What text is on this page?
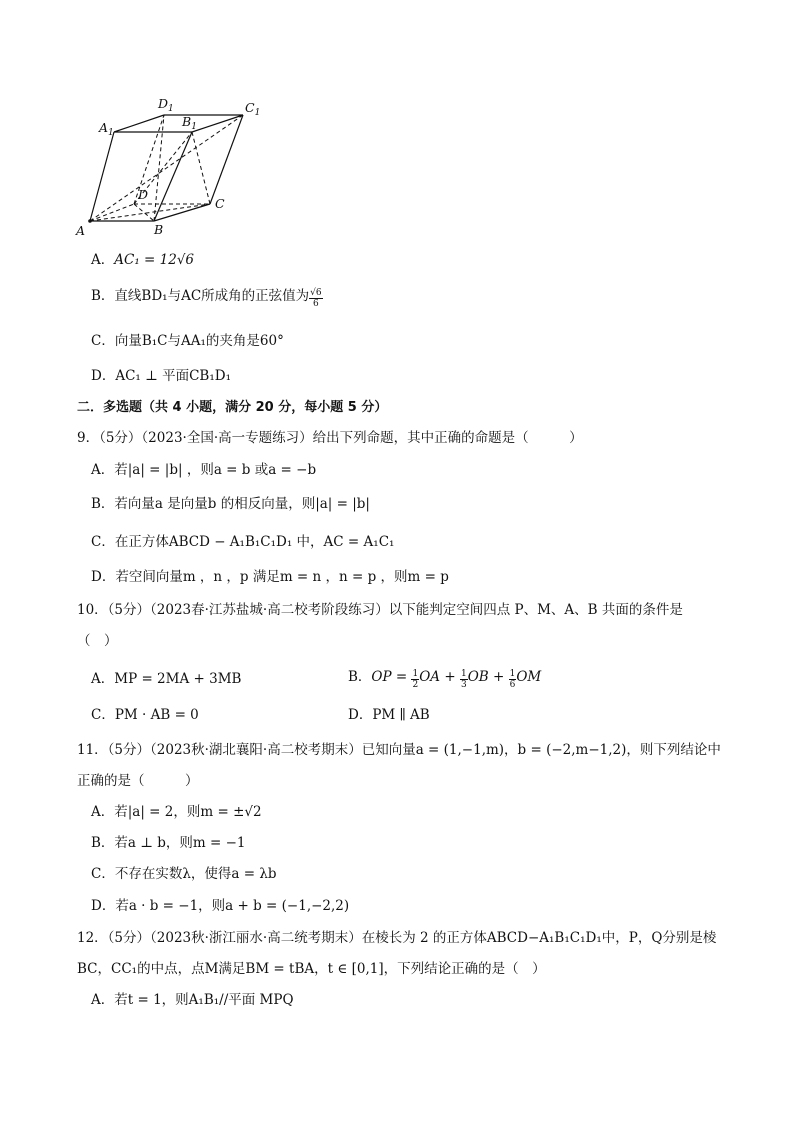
A	B
C
D
$A_1$
$B_1$
$C_1$
$D_1$
A．AC₁ = 12√6
B．直线BD₁与AC所成角的正弦值为 $\frac{√6}{6}$
C．向量B₁C与AA₁的夹角是60°
D．AC₁ ⊥ 平面CB₁D₁
二．多选题（共 4 小题，满分 20 分，每小题 5 分）
9．（5分）（2023·全国·高一专题练习）给出下列命题，其中正确的命题是（　　　）
A．若|a| = |b| ，则a = b 或a = −b
B．若向量a 是向量b 的相反向量，则|a| = |b|
C．在正方体ABCD − A₁B₁C₁D₁ 中，AC = A₁C₁
D．若空间向量m ，n ，p 满足m = n ，n = p ，则m = p
10．（5分）（2023春·江苏盐城·高二校考阶段练习）以下能判定空间四点 P、M、A、B 共面的条件是
（　）
A．MP = 2MA + 3MB	B．OP = $\frac{1}{2}$ OA + $\frac{1}{3}$ OB + $\frac{1}{6}$ OM
C．PM · AB = 0	D．PM ∥ AB
11．（5分）（2023秋·湖北襄阳·高二校考期末）已知向量a = (1,−1,m)，b = (−2,m−1,2)，则下列结论中
正确的是（　　　）
A．若|a| = 2，则m = ±√2
B．若a ⊥ b，则m = −1
C．不存在实数λ，使得a = λb
D．若a · b = −1，则a + b = (−1,−2,2)
12．（5分）（2023秋·浙江丽水·高二统考期末）在棱长为 2 的正方体ABCD−A₁B₁C₁D₁中，P，Q分别是棱
BC，CC₁的中点，点M满足BM = tBA，t ∈ [0,1]，下列结论正确的是（　）
A．若t = 1，则A₁B₁//平面 MPQ
